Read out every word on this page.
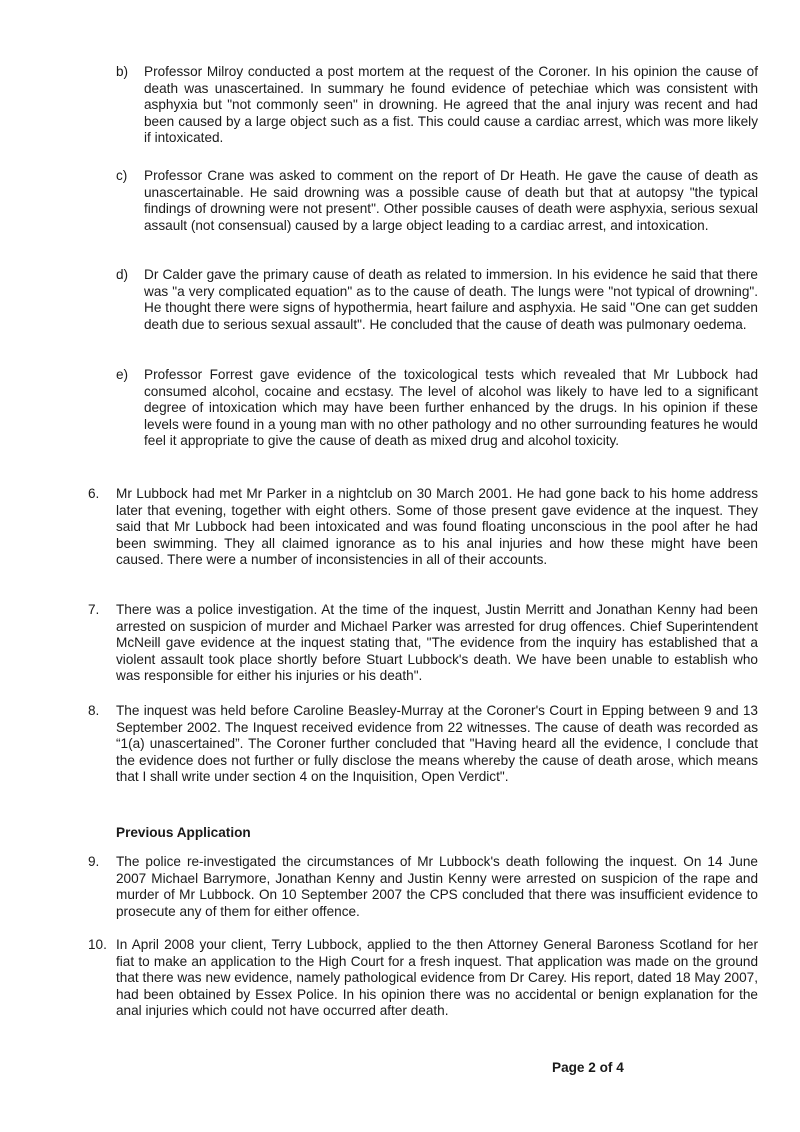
b) Professor Milroy conducted a post mortem at the request of the Coroner. In his opinion the cause of death was unascertained. In summary he found evidence of petechiae which was consistent with asphyxia but "not commonly seen" in drowning. He agreed that the anal injury was recent and had been caused by a large object such as a fist. This could cause a cardiac arrest, which was more likely if intoxicated.
c) Professor Crane was asked to comment on the report of Dr Heath. He gave the cause of death as unascertainable. He said drowning was a possible cause of death but that at autopsy "the typical findings of drowning were not present". Other possible causes of death were asphyxia, serious sexual assault (not consensual) caused by a large object leading to a cardiac arrest, and intoxication.
d) Dr Calder gave the primary cause of death as related to immersion. In his evidence he said that there was "a very complicated equation" as to the cause of death. The lungs were "not typical of drowning". He thought there were signs of hypothermia, heart failure and asphyxia. He said "One can get sudden death due to serious sexual assault". He concluded that the cause of death was pulmonary oedema.
e) Professor Forrest gave evidence of the toxicological tests which revealed that Mr Lubbock had consumed alcohol, cocaine and ecstasy. The level of alcohol was likely to have led to a significant degree of intoxication which may have been further enhanced by the drugs. In his opinion if these levels were found in a young man with no other pathology and no other surrounding features he would feel it appropriate to give the cause of death as mixed drug and alcohol toxicity.
6. Mr Lubbock had met Mr Parker in a nightclub on 30 March 2001. He had gone back to his home address later that evening, together with eight others. Some of those present gave evidence at the inquest. They said that Mr Lubbock had been intoxicated and was found floating unconscious in the pool after he had been swimming. They all claimed ignorance as to his anal injuries and how these might have been caused. There were a number of inconsistencies in all of their accounts.
7. There was a police investigation. At the time of the inquest, Justin Merritt and Jonathan Kenny had been arrested on suspicion of murder and Michael Parker was arrested for drug offences. Chief Superintendent McNeill gave evidence at the inquest stating that, "The evidence from the inquiry has established that a violent assault took place shortly before Stuart Lubbock's death. We have been unable to establish who was responsible for either his injuries or his death".
8. The inquest was held before Caroline Beasley-Murray at the Coroner's Court in Epping between 9 and 13 September 2002. The Inquest received evidence from 22 witnesses. The cause of death was recorded as “1(a) unascertained”. The Coroner further concluded that "Having heard all the evidence, I conclude that the evidence does not further or fully disclose the means whereby the cause of death arose, which means that I shall write under section 4 on the Inquisition, Open Verdict".
Previous Application
9. The police re-investigated the circumstances of Mr Lubbock's death following the inquest. On 14 June 2007 Michael Barrymore, Jonathan Kenny and Justin Kenny were arrested on suspicion of the rape and murder of Mr Lubbock. On 10 September 2007 the CPS concluded that there was insufficient evidence to prosecute any of them for either offence.
10. In April 2008 your client, Terry Lubbock, applied to the then Attorney General Baroness Scotland for her fiat to make an application to the High Court for a fresh inquest. That application was made on the ground that there was new evidence, namely pathological evidence from Dr Carey. His report, dated 18 May 2007, had been obtained by Essex Police. In his opinion there was no accidental or benign explanation for the anal injuries which could not have occurred after death.
Page 2 of 4
